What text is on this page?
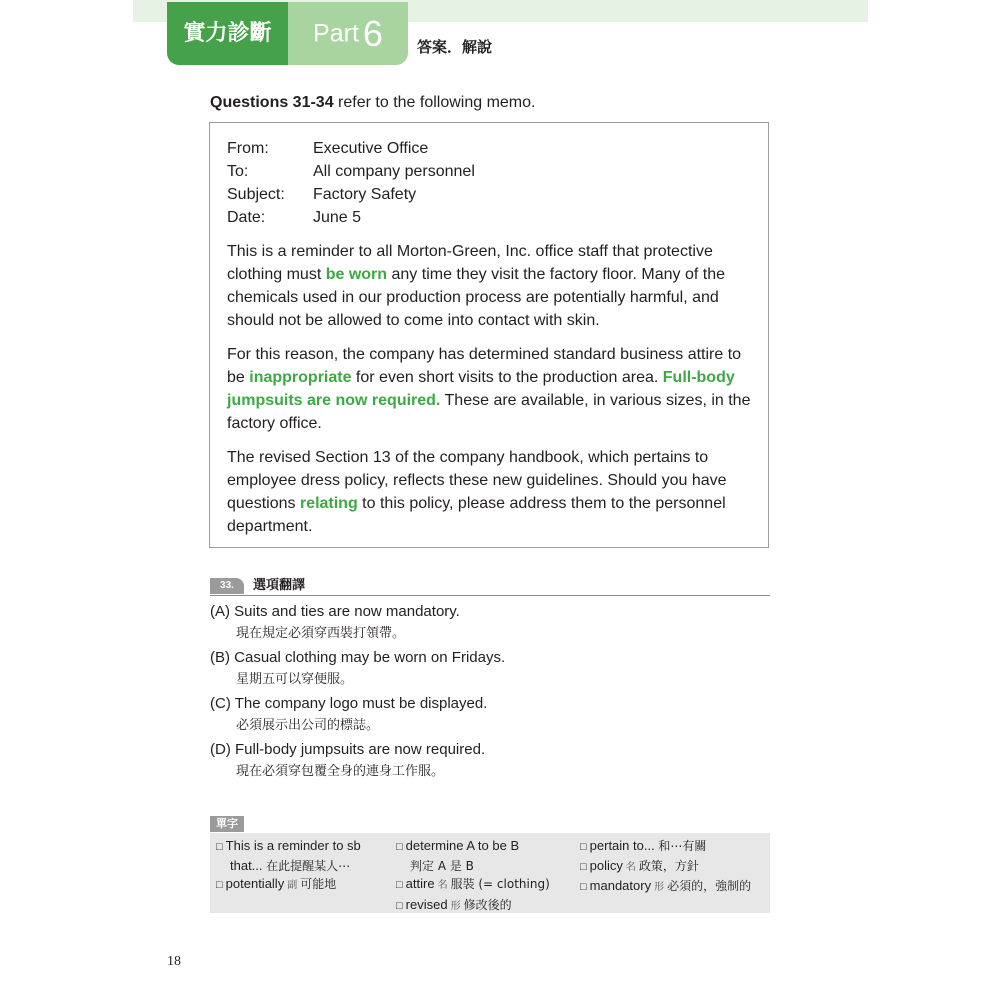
實力診斷	Part 6	答案．解說
Questions 31-34 refer to the following memo.
From:	Executive Office
To:	All company personnel
Subject:	Factory Safety
Date:	June 5
This is a reminder to all Morton-Green, Inc. office staff that protective clothing must be worn any time they visit the factory floor. Many of the chemicals used in our production process are potentially harmful, and should not be allowed to come into contact with skin.
For this reason, the company has determined standard business attire to be inappropriate for even short visits to the production area. Full-body jumpsuits are now required. These are available, in various sizes, in the factory office.
The revised Section 13 of the company handbook, which pertains to employee dress policy, reflects these new guidelines. Should you have questions relating to this policy, please address them to the personnel department.
33.	選項翻譯
(A) Suits and ties are now mandatory.
現在規定必須穿西裝打領帶。
(B) Casual clothing may be worn on Fridays.
星期五可以穿便服。
(C) The company logo must be displayed.
必須展示出公司的標誌。
(D) Full-body jumpsuits are now required.
現在必須穿包覆全身的連身工作服。
單字
□ This is a reminder to sb
that... 在此提醒某人⋯
□ potentially 副 可能地
□ determine A to be B
判定 A 是 B
□ attire 名 服裝 (= clothing)
□ revised 形 修改後的
□ pertain to... 和⋯有關
□ policy 名 政策，方針
□ mandatory 形 必須的，強制的
18
